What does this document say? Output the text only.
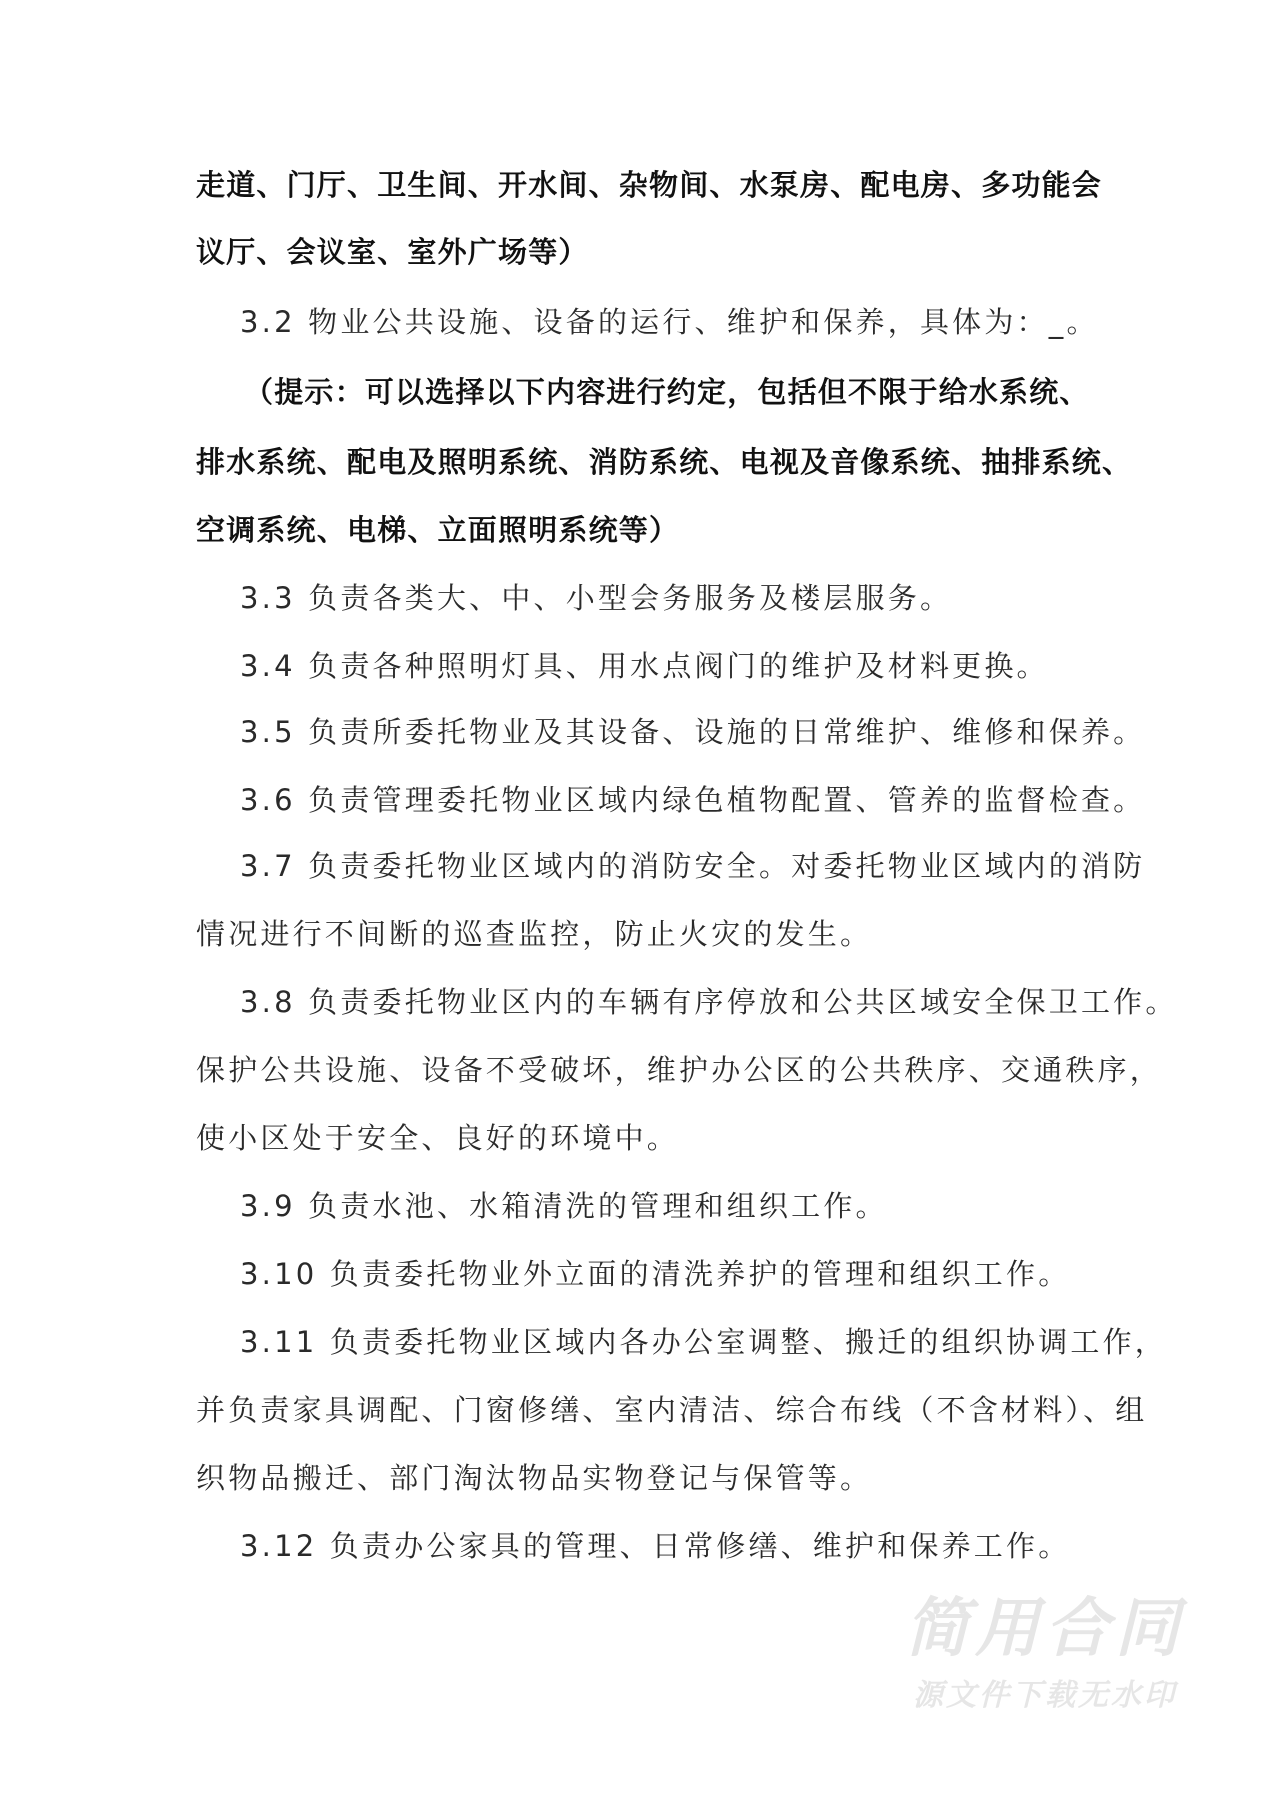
走道、门厅、卫生间、开水间、杂物间、水泵房、配电房、多功能会
议厅、会议室、室外广场等）
3.2 物业公共设施、设备的运行、维护和保养，具体为：_。
（提示：可以选择以下内容进行约定，包括但不限于给水系统、
排水系统、配电及照明系统、消防系统、电视及音像系统、抽排系统、
空调系统、电梯、立面照明系统等）
3.3 负责各类大、中、小型会务服务及楼层服务。
3.4 负责各种照明灯具、用水点阀门的维护及材料更换。
3.5 负责所委托物业及其设备、设施的日常维护、维修和保养。
3.6 负责管理委托物业区域内绿色植物配置、管养的监督检查。
3.7 负责委托物业区域内的消防安全。对委托物业区域内的消防
情况进行不间断的巡查监控，防止火灾的发生。
3.8 负责委托物业区内的车辆有序停放和公共区域安全保卫工作。
保护公共设施、设备不受破坏，维护办公区的公共秩序、交通秩序，
使小区处于安全、良好的环境中。
3.9 负责水池、水箱清洗的管理和组织工作。
3.10 负责委托物业外立面的清洗养护的管理和组织工作。
3.11 负责委托物业区域内各办公室调整、搬迁的组织协调工作，
并负责家具调配、门窗修缮、室内清洁、综合布线（不含材料）、组
织物品搬迁、部门淘汰物品实物登记与保管等。
3.12 负责办公家具的管理、日常修缮、维护和保养工作。
简用合同
源文件下载无水印
